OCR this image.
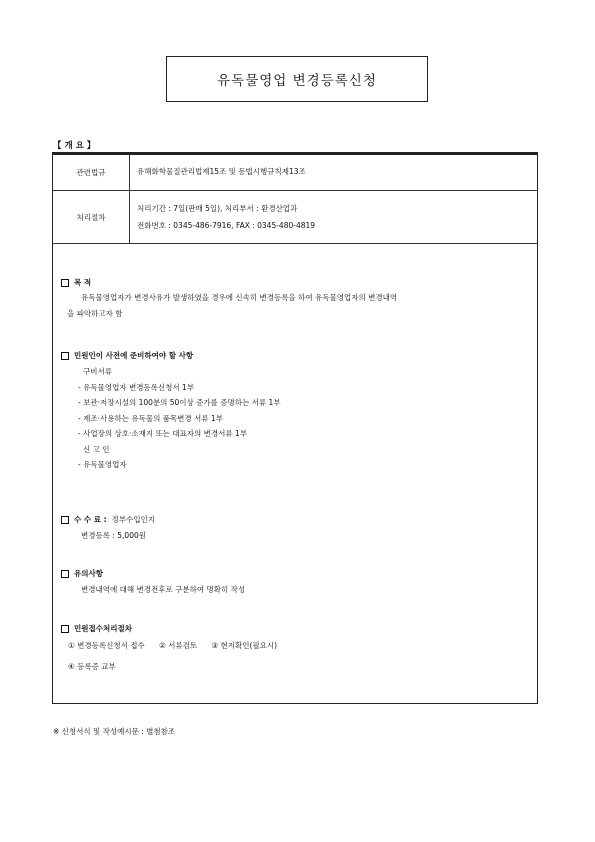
유독물영업 변경등록신청
【 개 요 】
관련법규	유해화학물질관리법제15조 및 동법시행규칙제13조
처리절차
처리기간 : 7일(판매 5일), 처리부서 : 환경산업과
전화번호 : 0345-486-7916, FAX : 0345-480-4819
목 적
유독물영업자가 변경사유가 발생하였을 경우에 신속히 변경등록을 하여 유독물영업자의 변경내역
을 파악하고자 함
민원인이 사전에 준비하여야 할 사항
구비서류
- 유독물영업자 변경등록신청서 1부
- 보관·저장시설의 100분의 50이상 증가를 증명하는 서류 1부
- 제조·사용하는 유독물의 품목변경 서류 1부
- 사업장의 상호·소재지 또는 대표자의 변경서류 1부
신 고 인
- 유독물영업자
수 수 료 : 정부수입인지
변경등록 : 5,000원
유의사항
변경내역에 대해 변경전후로 구분하여 명확히 작성
민원접수처리절차
① 변경등록신청서 접수      ② 서류검토      ③ 현지확인(필요시)
④ 등록증 교부
※ 신청서식 및 작성예시문 : 별첨참조
